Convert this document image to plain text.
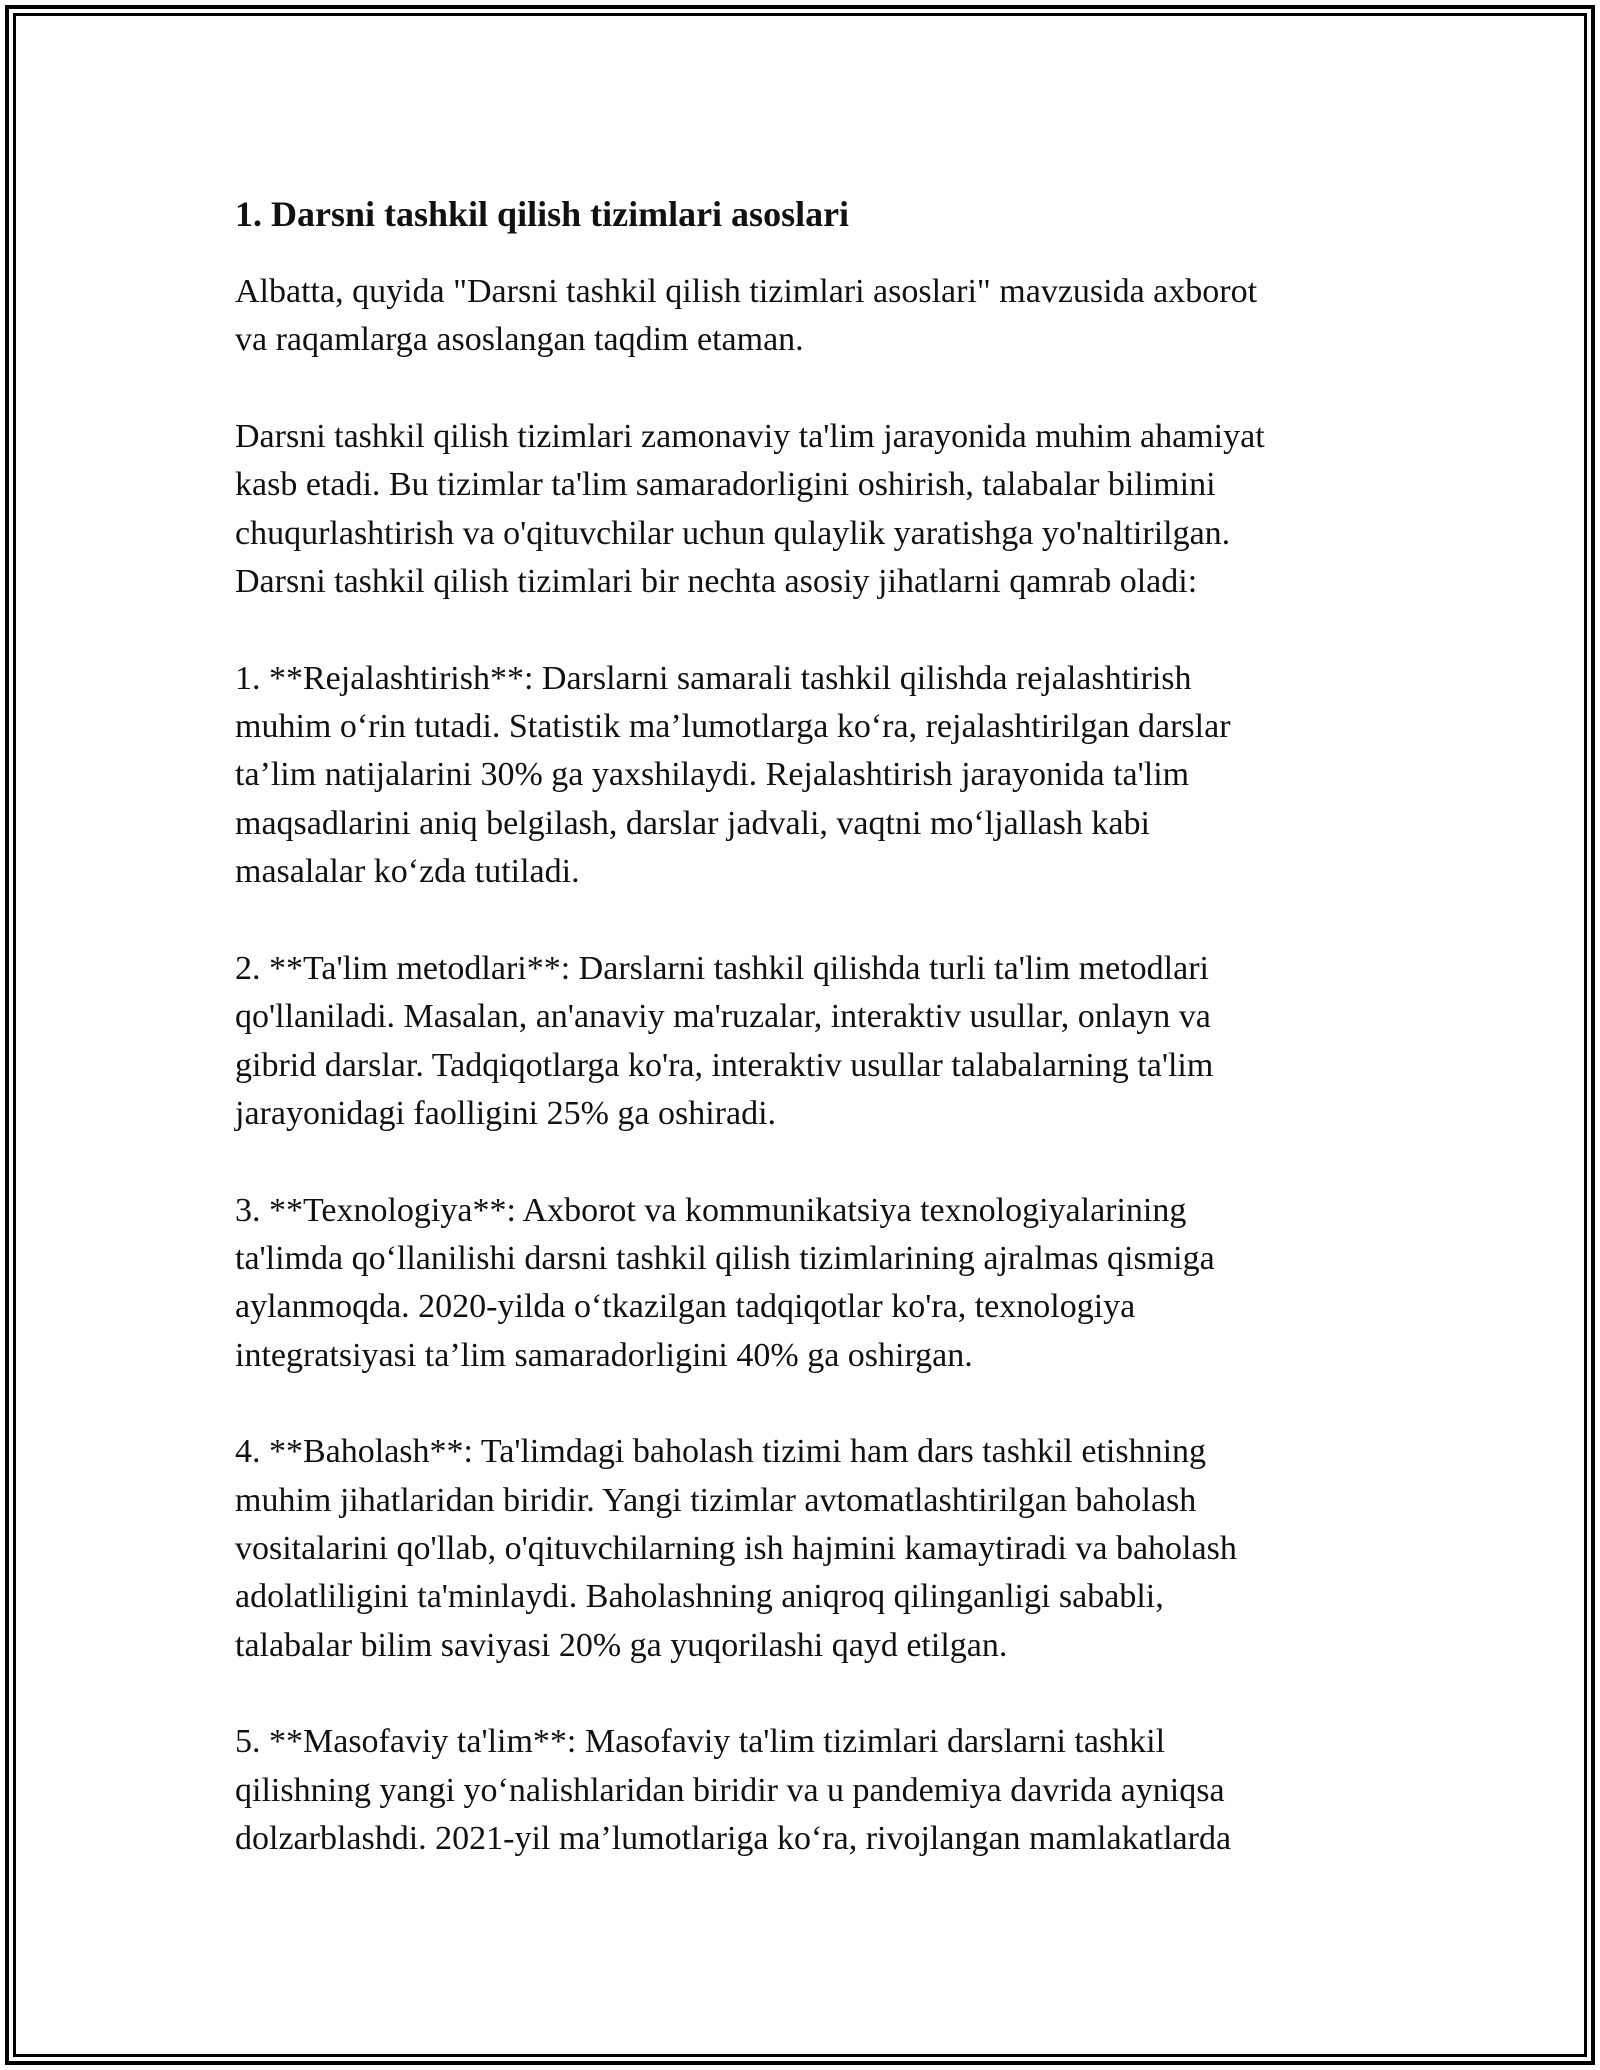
1. Darsni tashkil qilish tizimlari asoslari
Albatta, quyida "Darsni tashkil qilish tizimlari asoslari" mavzusida axborot
va raqamlarga asoslangan taqdim etaman.
Darsni tashkil qilish tizimlari zamonaviy ta'lim jarayonida muhim ahamiyat
kasb etadi. Bu tizimlar ta'lim samaradorligini oshirish, talabalar bilimini
chuqurlashtirish va o'qituvchilar uchun qulaylik yaratishga yo'naltirilgan.
Darsni tashkil qilish tizimlari bir nechta asosiy jihatlarni qamrab oladi:
1. **Rejalashtirish**: Darslarni samarali tashkil qilishda rejalashtirish
muhim o‘rin tutadi. Statistik ma’lumotlarga ko‘ra, rejalashtirilgan darslar
ta’lim natijalarini 30% ga yaxshilaydi. Rejalashtirish jarayonida ta'lim
maqsadlarini aniq belgilash, darslar jadvali, vaqtni mo‘ljallash kabi
masalalar ko‘zda tutiladi.
2. **Ta'lim metodlari**: Darslarni tashkil qilishda turli ta'lim metodlari
qo'llaniladi. Masalan, an'anaviy ma'ruzalar, interaktiv usullar, onlayn va
gibrid darslar. Tadqiqotlarga ko'ra, interaktiv usullar talabalarning ta'lim
jarayonidagi faolligini 25% ga oshiradi.
3. **Texnologiya**: Axborot va kommunikatsiya texnologiyalarining
ta'limda qo‘llanilishi darsni tashkil qilish tizimlarining ajralmas qismiga
aylanmoqda. 2020-yilda o‘tkazilgan tadqiqotlar ko'ra, texnologiya
integratsiyasi ta’lim samaradorligini 40% ga oshirgan.
4. **Baholash**: Ta'limdagi baholash tizimi ham dars tashkil etishning
muhim jihatlaridan biridir. Yangi tizimlar avtomatlashtirilgan baholash
vositalarini qo'llab, o'qituvchilarning ish hajmini kamaytiradi va baholash
adolatliligini ta'minlaydi. Baholashning aniqroq qilinganligi sababli,
talabalar bilim saviyasi 20% ga yuqorilashi qayd etilgan.
5. **Masofaviy ta'lim**: Masofaviy ta'lim tizimlari darslarni tashkil
qilishning yangi yo‘nalishlaridan biridir va u pandemiya davrida ayniqsa
dolzarblashdi. 2021-yil ma’lumotlariga ko‘ra, rivojlangan mamlakatlarda
